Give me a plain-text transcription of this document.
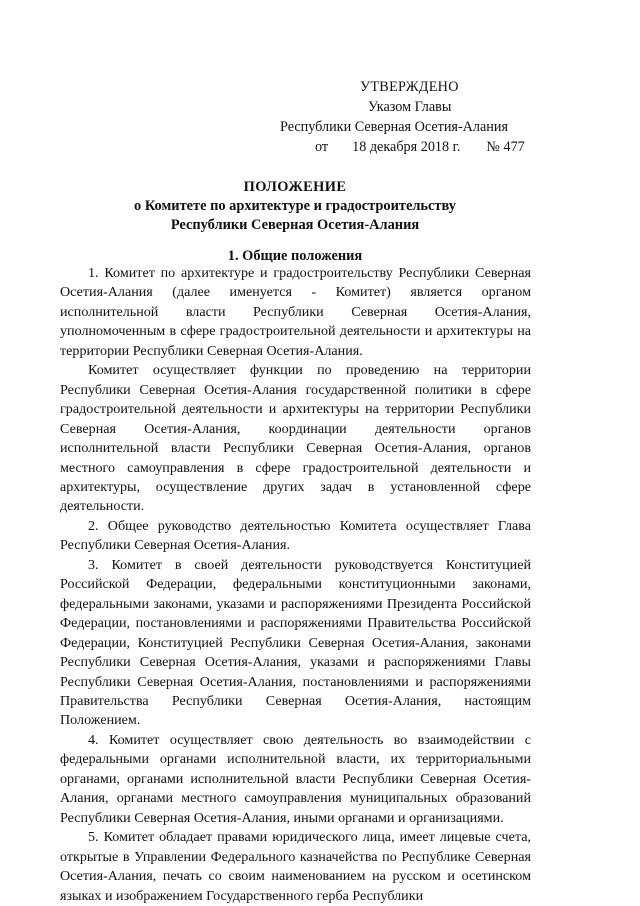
УТВЕРЖДЕНО
Указом Главы
Республики Северная Осетия-Алания
от 18 декабря 2018 г. № 477
ПОЛОЖЕНИЕ
о Комитете по архитектуре и градостроительству
Республики Северная Осетия-Алания
1. Общие положения

1. Комитет по архитектуре и градостроительству Республики Северная Осетия-Алания (далее именуется - Комитет) является органом исполнительной власти Республики Северная Осетия-Алания, уполномоченным в сфере градостроительной деятельности и архитектуры на территории Республики Северная Осетия-Алания.

Комитет осуществляет функции по проведению на территории Республики Северная Осетия-Алания государственной политики в сфере градостроительной деятельности и архитектуры на территории Республики Северная Осетия-Алания, координации деятельности органов исполнительной власти Республики Северная Осетия-Алания, органов местного самоуправления в сфере градостроительной деятельности и архитектуры, осуществление других задач в установленной сфере деятельности.

2. Общее руководство деятельностью Комитета осуществляет Глава Республики Северная Осетия-Алания.

3. Комитет в своей деятельности руководствуется Конституцией Российской Федерации, федеральными конституционными законами, федеральными законами, указами и распоряжениями Президента Российской Федерации, постановлениями и распоряжениями Правительства Российской Федерации, Конституцией Республики Северная Осетия-Алания, законами Республики Северная Осетия-Алания, указами и распоряжениями Главы Республики Северная Осетия-Алания, постановлениями и распоряжениями Правительства Республики Северная Осетия-Алания, настоящим Положением.

4. Комитет осуществляет свою деятельность во взаимодействии с федеральными органами исполнительной власти, их территориальными органами, органами исполнительной власти Республики Северная Осетия-Алания, органами местного самоуправления муниципальных образований Республики Северная Осетия-Алания, иными органами и организациями.

5. Комитет обладает правами юридического лица, имеет лицевые счета, открытые в Управлении Федерального казначейства по Республике Северная Осетия-Алания, печать со своим наименованием на русском и осетинском языках и изображением Государственного герба Республики
